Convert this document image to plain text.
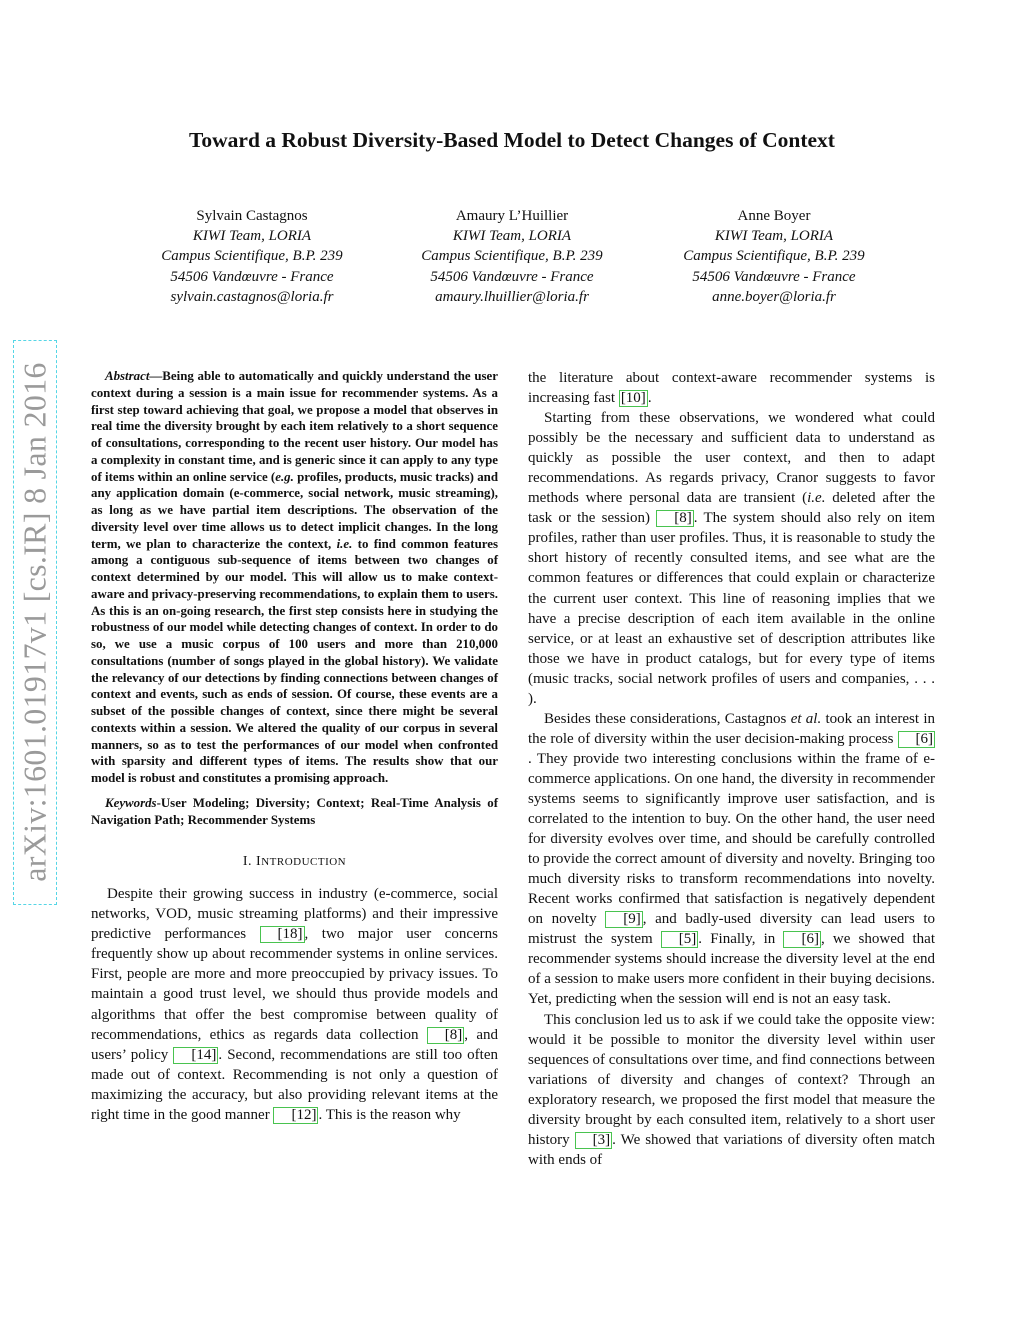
Toward a Robust Diversity-Based Model to Detect Changes of Context
Sylvain Castagnos
KIWI Team, LORIA
Campus Scientifique, B.P. 239
54506 Vandœuvre - France
sylvain.castagnos@loria.fr
Amaury L’Huillier
KIWI Team, LORIA
Campus Scientifique, B.P. 239
54506 Vandœuvre - France
amaury.lhuillier@loria.fr
Anne Boyer
KIWI Team, LORIA
Campus Scientifique, B.P. 239
54506 Vandœuvre - France
anne.boyer@loria.fr
arXiv:1601.01917v1 [cs.IR] 8 Jan 2016	Abstract—Being able to automatically and quickly understand the user context during a session is a main issue for recommender systems. As a first step toward achieving that goal, we propose a model that observes in real time the diversity brought by each item relatively to a short sequence of consultations, corresponding to the recent user history. Our model has a complexity in constant time, and is generic since it can apply to any type of items within an online service (e.g. profiles, products, music tracks) and any application domain (e-commerce, social network, music streaming), as long as we have partial item descriptions. The observation of the diversity level over time allows us to detect implicit changes. In the long term, we plan to characterize the context, i.e. to find common features among a contiguous sub-sequence of items between two changes of context determined by our model. This will allow us to make context-aware and privacy-preserving recommendations, to explain them to users. As this is an on-going research, the first step consists here in studying the robustness of our model while detecting changes of context. In order to do so, we use a music corpus of 100 users and more than 210,000 consultations (number of songs played in the global history). We validate the relevancy of our detections by finding connections between changes of context and events, such as ends of session. Of course, these events are a subset of the possible changes of context, since there might be several contexts within a session. We altered the quality of our corpus in several manners, so as to test the performances of our model when confronted with sparsity and different types of items. The results show that our model is robust and constitutes a promising approach.

Keywords-User Modeling; Diversity; Context; Real-Time Analysis of Navigation Path; Recommender Systems

I. INTRODUCTION

Despite their growing success in industry (e-commerce, social networks, VOD, music streaming platforms) and their impressive predictive performances [18] , two major user concerns frequently show up about recommender systems in online services. First, people are more and more preoccupied by privacy issues. To maintain a good trust level, we should thus provide models and algorithms that offer the best compromise between quality of recommendations, ethics as regards data collection [8] , and users’ policy [14] . Second, recommendations are still too often made out of context. Recommending is not only a question of maximizing the accuracy, but also providing relevant items at the right time in the good manner [12] . This is the reason why

the literature about context-aware recommender systems is increasing fast [10] .

Starting from these observations, we wondered what could possibly be the necessary and sufficient data to understand as quickly as possible the user context, and then to adapt recommendations. As regards privacy, Cranor suggests to favor methods where personal data are transient (i.e. deleted after the task or the session) [8] . The system should also rely on item profiles, rather than user profiles. Thus, it is reasonable to study the short history of recently consulted items, and see what are the common features or differences that could explain or characterize the current user context. This line of reasoning implies that we have a precise description of each item available in the online service, or at least an exhaustive set of description attributes like those we have in product catalogs, but for every type of items (music tracks, social network profiles of users and companies, . . . ).

Besides these considerations, Castagnos et al. took an interest in the role of diversity within the user decision-making process [6]. They provide two interesting conclusions within the frame of e-commerce applications. On one hand, the diversity in recommender systems seems to significantly improve user satisfaction, and is correlated to the intention to buy. On the other hand, the user need for diversity evolves over time, and should be carefully controlled to provide the correct amount of diversity and novelty. Bringing too much diversity risks to transform recommendations into novelty. Recent works confirmed that satisfaction is negatively dependent on novelty [9] , and badly-used diversity can lead users to mistrust the system [5] . Finally, in [6] , we showed that recommender systems should increase the diversity level at the end of a session to make users more confident in their buying decisions. Yet, predicting when the session will end is not an easy task.

This conclusion led us to ask if we could take the opposite view: would it be possible to monitor the diversity level within user sequences of consultations over time, and find connections between variations of diversity and changes of context? Through an exploratory research, we proposed the first model that measure the diversity brought by each consulted item, relatively to a short user history [3] . We showed that variations of diversity often match with ends of
